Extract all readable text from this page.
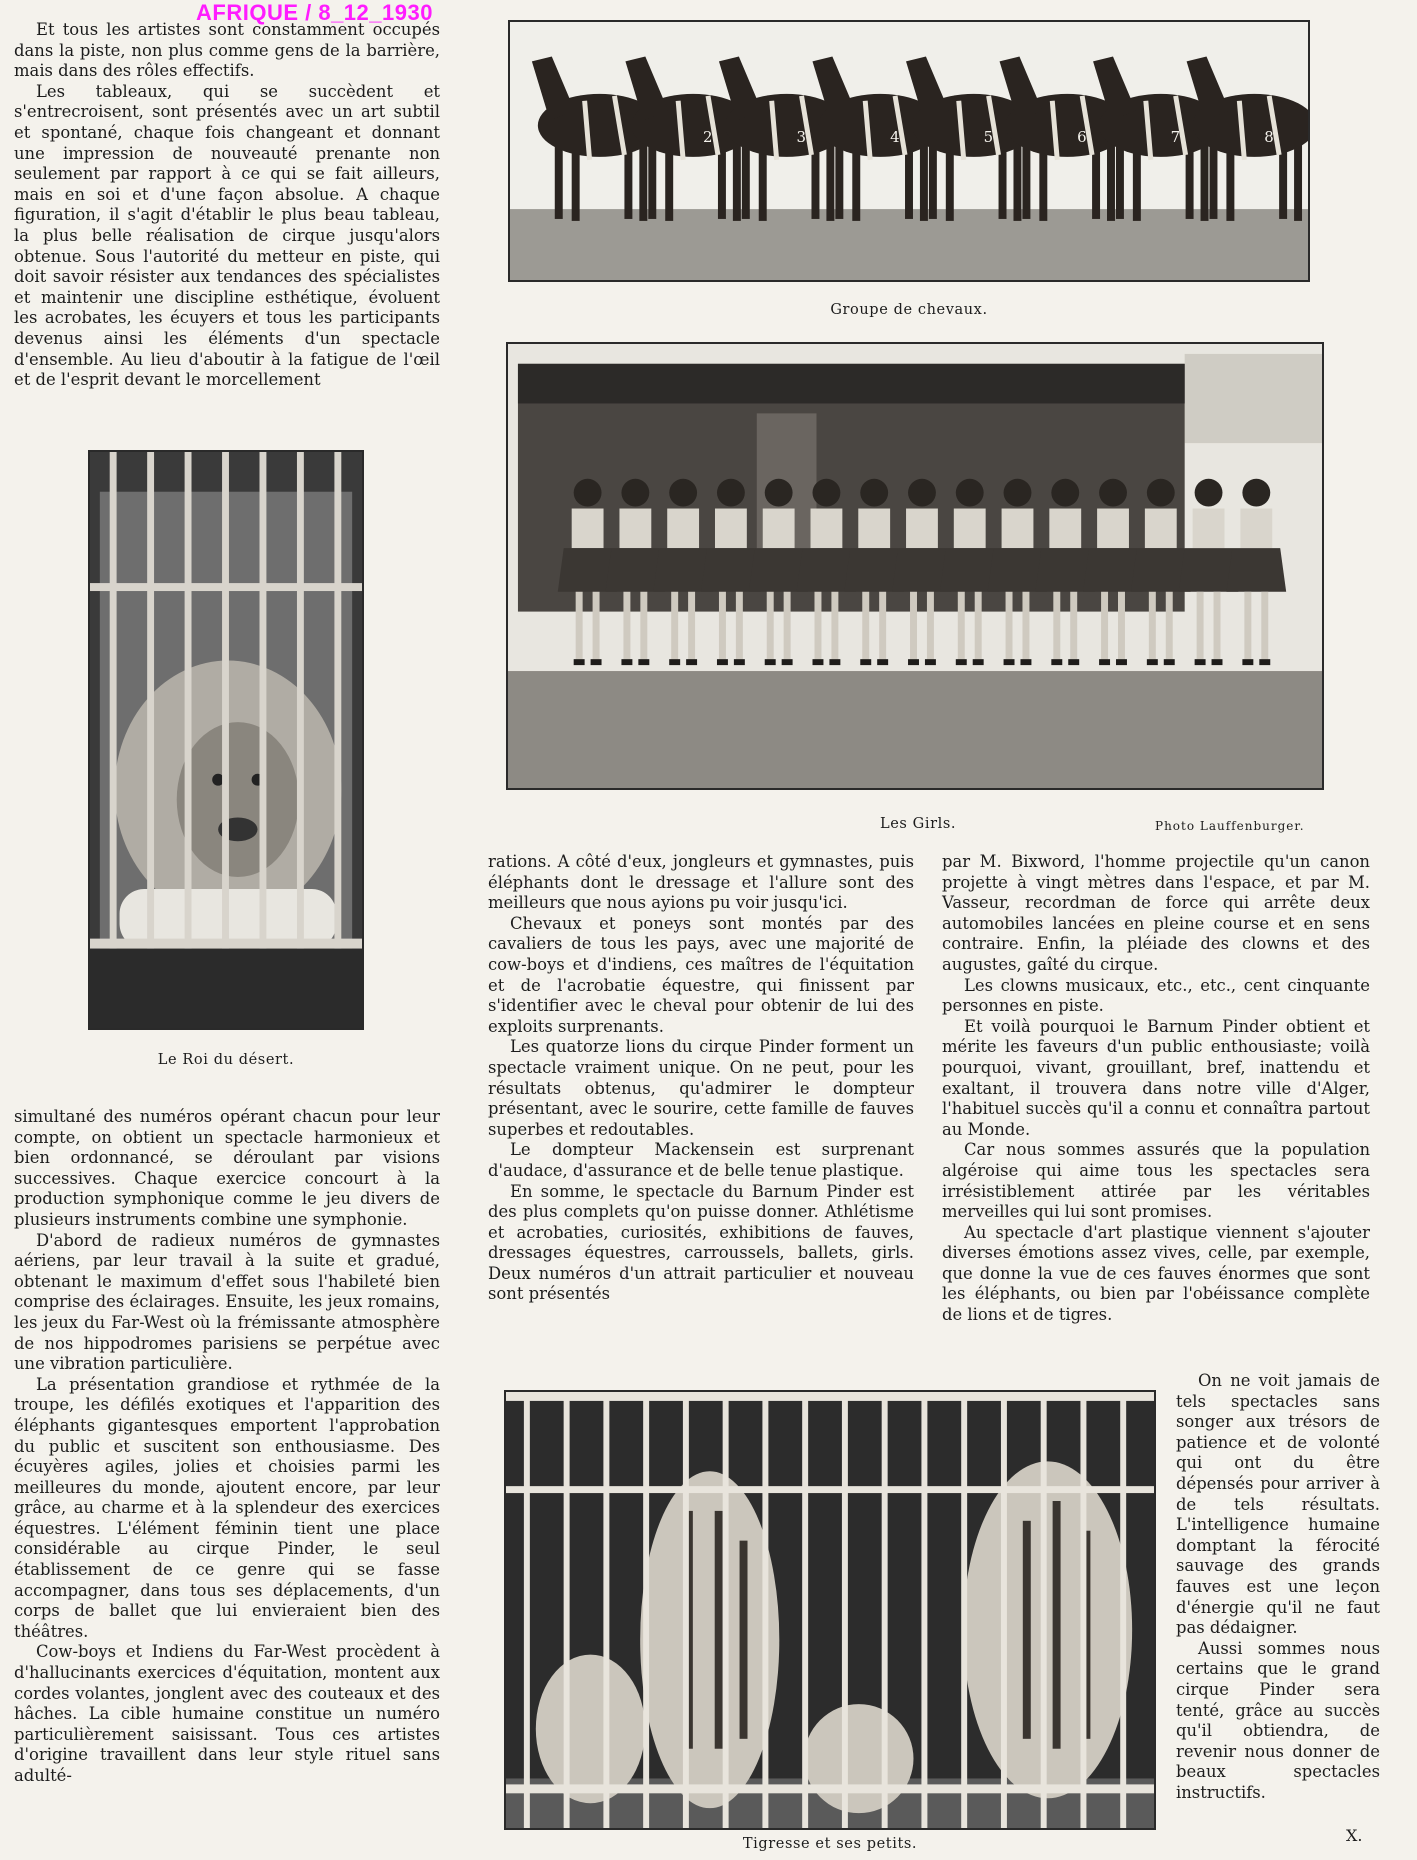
AFRIQUE / 8_12_1930

Et tous les artistes sont constamment occupés dans la piste, non plus comme gens de la barrière, mais dans des rôles effectifs.

Les tableaux, qui se succèdent et s'entrecroisent, sont présentés avec un art subtil et spontané, chaque fois changeant et donnant une impression de nouveauté prenante non seulement par rapport à ce qui se fait ailleurs, mais en soi et d'une façon absolue. A chaque figuration, il s'agit d'établir le plus beau tableau, la plus belle réalisation de cirque jusqu'alors obtenue. Sous l'autorité du metteur en piste, qui doit savoir résister aux tendances des spécialistes et maintenir une discipline esthétique, évoluent les acrobates, les écuyers et tous les participants devenus ainsi les éléments d'un spectacle d'ensemble. Au lieu d'aboutir à la fatigue de l'œil et de l'esprit devant le morcellement

Le Roi du désert.

simultané des numéros opérant chacun pour leur compte, on obtient un spectacle harmonieux et bien ordonnancé, se déroulant par visions successives. Chaque exercice concourt à la production symphonique comme le jeu divers de plusieurs instruments combine une symphonie.

D'abord de radieux numéros de gymnastes aériens, par leur travail à la suite et gradué, obtenant le maximum d'effet sous l'habileté bien comprise des éclairages. Ensuite, les jeux romains, les jeux du Far-West où la frémissante atmosphère de nos hippodromes parisiens se perpétue avec une vibration particulière.

La présentation grandiose et rythmée de la troupe, les défilés exotiques et l'apparition des éléphants gigantesques emportent l'approbation du public et suscitent son enthousiasme. Des écuyères agiles, jolies et choisies parmi les meilleures du monde, ajoutent encore, par leur grâce, au charme et à la splendeur des exercices équestres. L'élément féminin tient une place considérable au cirque Pinder, le seul établissement de ce genre qui se fasse accompagner, dans tous ses déplacements, d'un corps de ballet que lui envieraient bien des théâtres.

Cow-boys et Indiens du Far-West procèdent à d'hallucinants exercices d'équitation, montent aux cordes volantes, jonglent avec des couteaux et des hâches. La cible humaine constitue un numéro particulièrement saisissant. Tous ces artistes d'origine travaillent dans leur style rituel sans adulté-

2	3	4	5	6	7	8
Groupe de chevaux.
Les Girls.	Photo Lauffenburger.

rations. A côté d'eux, jongleurs et gymnastes, puis éléphants dont le dressage et l'allure sont des meilleurs que nous ayions pu voir jusqu'ici.

Chevaux et poneys sont montés par des cavaliers de tous les pays, avec une majorité de cow-boys et d'indiens, ces maîtres de l'équitation et de l'acrobatie équestre, qui finissent par s'identifier avec le cheval pour obtenir de lui des exploits surprenants.

Les quatorze lions du cirque Pinder forment un spectacle vraiment unique. On ne peut, pour les résultats obtenus, qu'admirer le dompteur présentant, avec le sourire, cette famille de fauves superbes et redoutables.

Le dompteur Mackensein est surprenant d'audace, d'assurance et de belle tenue plastique.

En somme, le spectacle du Barnum Pinder est des plus complets qu'on puisse donner. Athlétisme et acrobaties, curiosités, exhibitions de fauves, dressages équestres, carroussels, ballets, girls. Deux numéros d'un attrait particulier et nouveau sont présentés

par M. Bixword, l'homme projectile qu'un canon projette à vingt mètres dans l'espace, et par M. Vasseur, recordman de force qui arrête deux automobiles lancées en pleine course et en sens contraire. Enfin, la pléiade des clowns et des augustes, gaîté du cirque.

Les clowns musicaux, etc., etc., cent cinquante personnes en piste.

Et voilà pourquoi le Barnum Pinder obtient et mérite les faveurs d'un public enthousiaste; voilà pourquoi, vivant, grouillant, bref, inattendu et exaltant, il trouvera dans notre ville d'Alger, l'habituel succès qu'il a connu et connaîtra partout au Monde.

Car nous sommes assurés que la population algéroise qui aime tous les spectacles sera irrésistiblement attirée par les véritables merveilles qui lui sont promises.

Au spectacle d'art plastique viennent s'ajouter diverses émotions assez vives, celle, par exemple, que donne la vue de ces fauves énormes que sont les éléphants, ou bien par l'obéissance complète de lions et de tigres.

Tigresse et ses petits.

On ne voit jamais de tels spectacles sans songer aux trésors de patience et de volonté qui ont du être dépensés pour arriver à de tels résultats. L'intelligence humaine domptant la férocité sauvage des grands fauves est une leçon d'énergie qu'il ne faut pas dédaigner.

Aussi sommes nous certains que le grand cirque Pinder sera tenté, grâce au succès qu'il obtiendra, de revenir nous donner de beaux spectacles instructifs.

X.
